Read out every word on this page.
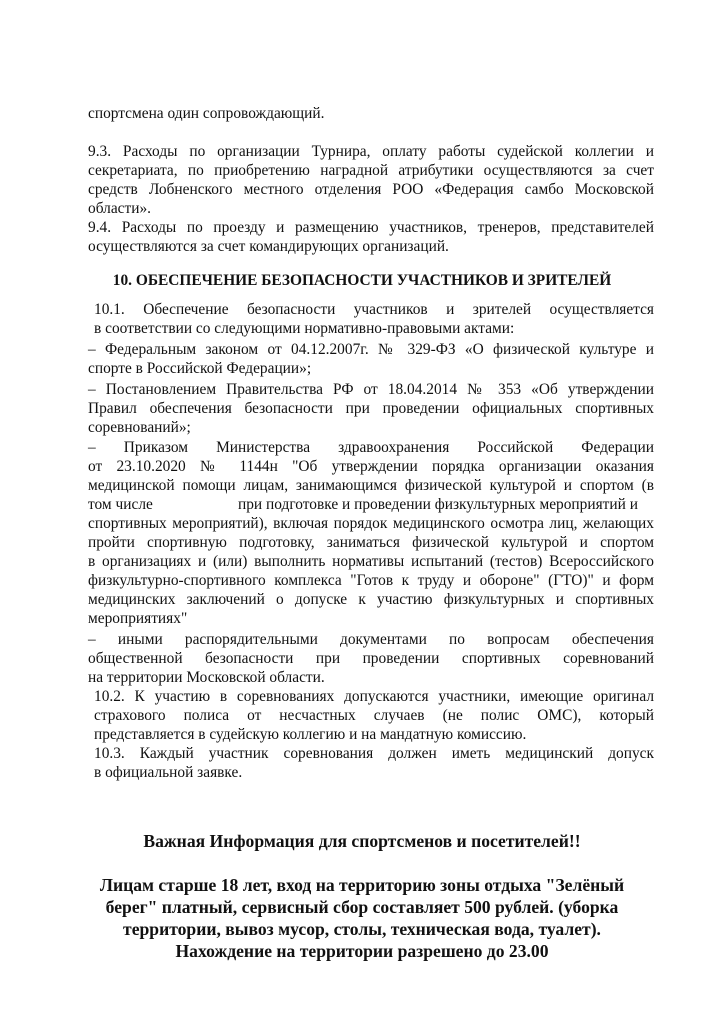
спортсмена один сопровождающий.
9.3. Расходы по организации Турнира, оплату работы судейской коллегии и
секретариата, по приобретению наградной атрибутики осуществляются за счет
средств Лобненского местного отделения РОО «Федерация самбо Московской
области».
9.4. Расходы по проезду и размещению участников, тренеров, представителей
осуществляются за счет командирующих организаций.
10. ОБЕСПЕЧЕНИЕ БЕЗОПАСНОСТИ УЧАСТНИКОВ И ЗРИТЕЛЕЙ
10.1. Обеспечение безопасности участников и зрителей осуществляется
в соответствии со следующими нормативно-правовыми актами:
– Федеральным законом от 04.12.2007г. № 329-ФЗ «О физической культуре и
спорте в Российской Федерации»;
– Постановлением Правительства РФ от 18.04.2014 № 353 «Об утверждении
Правил обеспечения безопасности при проведении официальных спортивных
соревнований»;
– Приказом Министерства здравоохранения Российской Федерации
от 23.10.2020 № 1144н "Об утверждении порядка организации оказания
медицинской помощи лицам, занимающимся физической культурой и спортом (в
том числе	при подготовке и проведении физкультурных мероприятий и
спортивных мероприятий), включая порядок медицинского осмотра лиц, желающих
пройти спортивную подготовку, заниматься физической культурой и спортом
в организациях и (или) выполнить нормативы испытаний (тестов) Всероссийского
физкультурно-спортивного комплекса "Готов к труду и обороне" (ГТО)" и форм
медицинских заключений о допуске к участию физкультурных и спортивных
мероприятиях"
– иными распорядительными документами по вопросам обеспечения
общественной безопасности при проведении спортивных соревнований
на территории Московской области.
10.2. К участию в соревнованиях допускаются участники, имеющие оригинал
страхового полиса от несчастных случаев (не полис ОМС), который
представляется в судейскую коллегию и на мандатную комиссию.
10.3. Каждый участник соревнования должен иметь медицинский допуск
в официальной заявке.
Важная Информация для спортсменов и посетителей!!
Лицам старше 18 лет, вход на территорию зоны отдыха "Зелёный
берег" платный, сервисный сбор составляет 500 рублей. (уборка
территории, вывоз мусор, столы, техническая вода, туалет).
Нахождение на территории разрешено до 23.00
